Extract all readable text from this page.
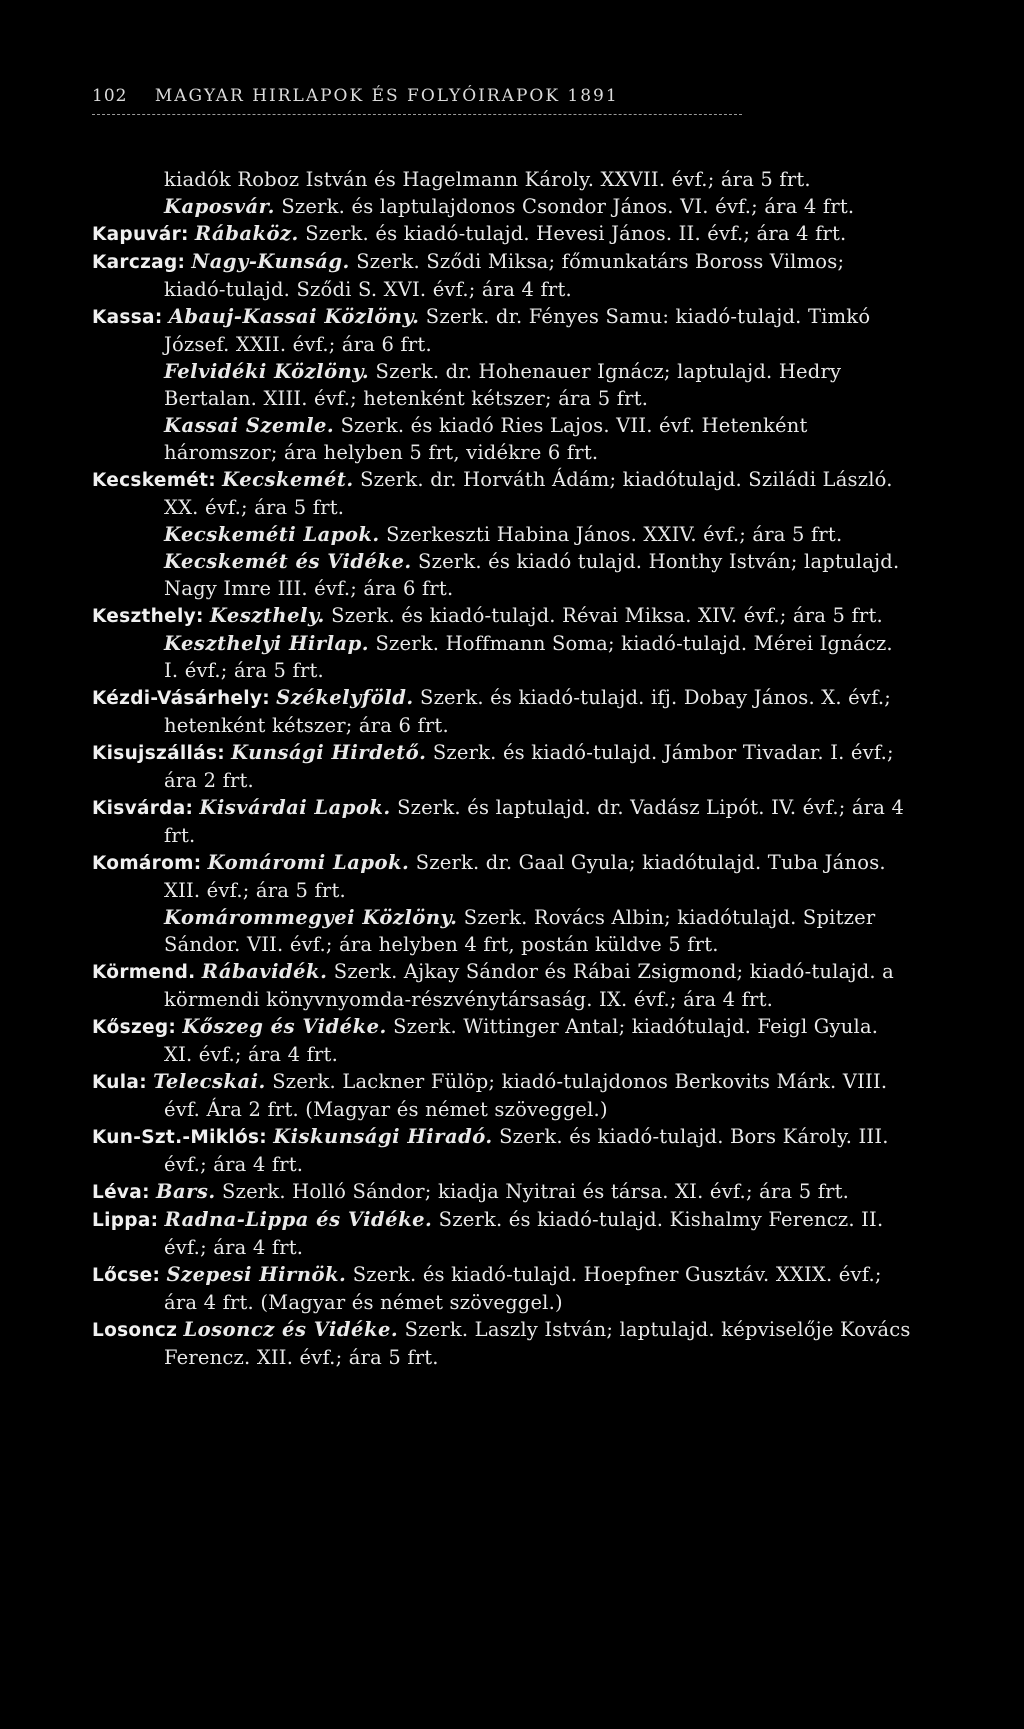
102 MAGYAR HIRLAPOK ÉS FOLYÓIRAPOK 1891

kiadók Roboz István és Hagelmann Károly. XXVII. évf.; ára 5 frt.

Kaposvár. Szerk. és laptulajdonos Csondor János. VI. évf.; ára 4 frt.

Kapuvár: Rábaköz. Szerk. és kiadó-tulajd. Hevesi János. II. évf.; ára 4 frt.

Karczag: Nagy-Kunság. Szerk. Sződi Miksa; főmunkatárs Boross Vilmos; kiadó-tulajd. Sződi S. XVI. évf.; ára 4 frt.

Kassa: Abauj-Kassai Közlöny. Szerk. dr. Fényes Samu: kiadó-tulajd. Timkó József. XXII. évf.; ára 6 frt.

Felvidéki Közlöny. Szerk. dr. Hohenauer Ignácz; laptulajd. Hedry Bertalan. XIII. évf.; hetenként kétszer; ára 5 frt.

Kassai Szemle. Szerk. és kiadó Ries Lajos. VII. évf. Hetenként háromszor; ára helyben 5 frt, vidékre 6 frt.

Kecskemét: Kecskemét. Szerk. dr. Horváth Ádám; kiadótulajd. Sziládi László. XX. évf.; ára 5 frt.

Kecskeméti Lapok. Szerkeszti Habina János. XXIV. évf.; ára 5 frt.

Kecskemét és Vidéke. Szerk. és kiadó tulajd. Honthy István; laptulajd. Nagy Imre III. évf.; ára 6 frt.

Keszthely: Keszthely. Szerk. és kiadó-tulajd. Révai Miksa. XIV. évf.; ára 5 frt.

Keszthelyi Hirlap. Szerk. Hoffmann Soma; kiadó-tulajd. Mérei Ignácz. I. évf.; ára 5 frt.

Kézdi-Vásárhely: Székelyföld. Szerk. és kiadó-tulajd. ifj. Dobay János. X. évf.; hetenként kétszer; ára 6 frt.

Kisujszállás: Kunsági Hirdető. Szerk. és kiadó-tulajd. Jámbor Tivadar. I. évf.; ára 2 frt.

Kisvárda: Kisvárdai Lapok. Szerk. és laptulajd. dr. Vadász Lipót. IV. évf.; ára 4 frt.

Komárom: Komáromi Lapok. Szerk. dr. Gaal Gyula; kiadótulajd. Tuba János. XII. évf.; ára 5 frt.

Komárommegyei Közlöny. Szerk. Rovács Albin; kiadótulajd. Spitzer Sándor. VII. évf.; ára helyben 4 frt, postán küldve 5 frt.

Körmend. Rábavidék. Szerk. Ajkay Sándor és Rábai Zsigmond; kiadó-tulajd. a körmendi könyvnyomda-részvénytársaság. IX. évf.; ára 4 frt.

Kőszeg: Kőszeg és Vidéke. Szerk. Wittinger Antal; kiadótulajd. Feigl Gyula. XI. évf.; ára 4 frt.

Kula: Telecskai. Szerk. Lackner Fülöp; kiadó-tulajdonos Berkovits Márk. VIII. évf. Ára 2 frt. (Magyar és német szöveggel.)

Kun-Szt.-Miklós: Kiskunsági Hiradó. Szerk. és kiadó-tulajd. Bors Károly. III. évf.; ára 4 frt.

Léva: Bars. Szerk. Holló Sándor; kiadja Nyitrai és társa. XI. évf.; ára 5 frt.

Lippa: Radna-Lippa és Vidéke. Szerk. és kiadó-tulajd. Kishalmy Ferencz. II. évf.; ára 4 frt.

Lőcse: Szepesi Hirnök. Szerk. és kiadó-tulajd. Hoepfner Gusztáv. XXIX. évf.; ára 4 frt. (Magyar és német szöveggel.)

Losoncz Losoncz és Vidéke. Szerk. Laszly István; laptulajd. képviselője Kovács Ferencz. XII. évf.; ára 5 frt.
